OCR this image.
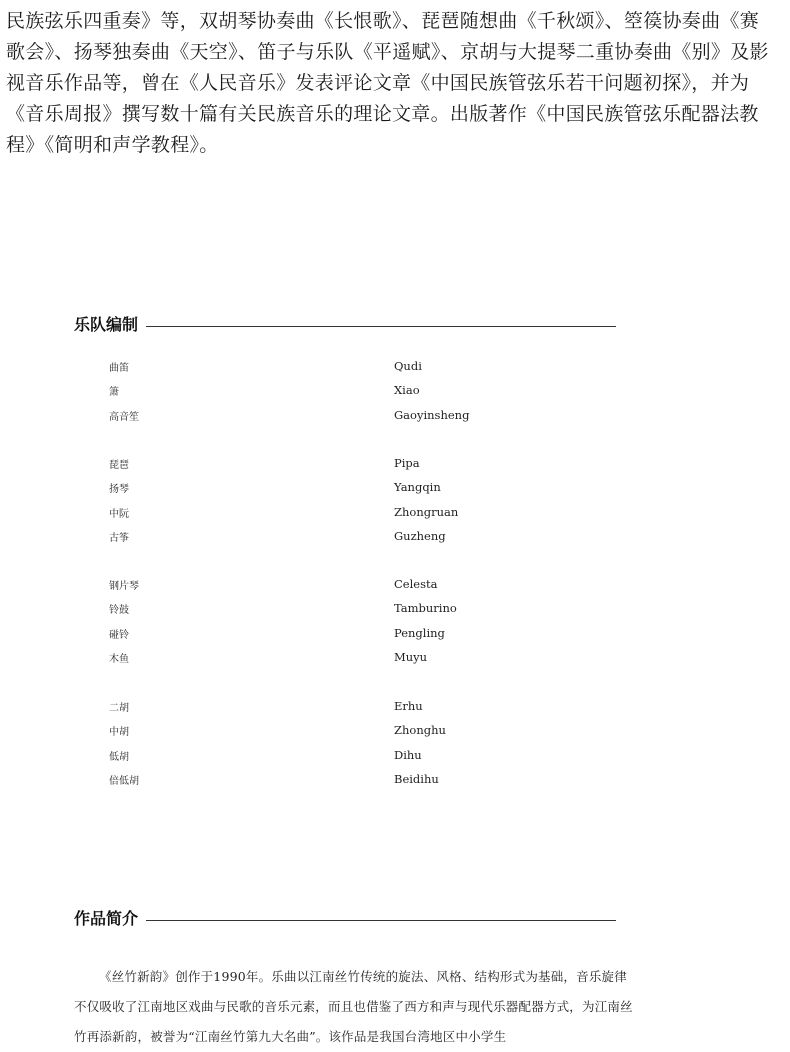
民族弦乐四重奏》等，双胡琴协奏曲《长恨歌》、琵琶随想曲《千秋颂》、箜篌协奏曲《赛歌会》、扬琴独奏曲《天空》、笛子与乐队《平遥赋》、京胡与大提琴二重协奏曲《别》及影视音乐作品等，曾在《人民音乐》发表评论文章《中国民族管弦乐若干问题初探》，并为《音乐周报》撰写数十篇有关民族音乐的理论文章。出版著作《中国民族管弦乐配器法教程》《简明和声学教程》。

乐队编制
曲笛	Qudi
箫	Xiao
高音笙	Gaoyinsheng
琵琶	Pipa
扬琴	Yangqin
中阮	Zhongruan
古筝	Guzheng
钢片琴	Celesta
铃鼓	Tamburino
碰铃	Pengling
木鱼	Muyu
二胡	Erhu
中胡	Zhonghu
低胡	Dihu
倍低胡	Beidihu
作品简介

《丝竹新韵》创作于1990年。乐曲以江南丝竹传统的旋法、风格、结构形式为基础，音乐旋律不仅吸收了江南地区戏曲与民歌的音乐元素，而且也借鉴了西方和声与现代乐器配器方式，为江南丝竹再添新韵，被誉为“江南丝竹第九大名曲”。该作品是我国台湾地区中小学生
